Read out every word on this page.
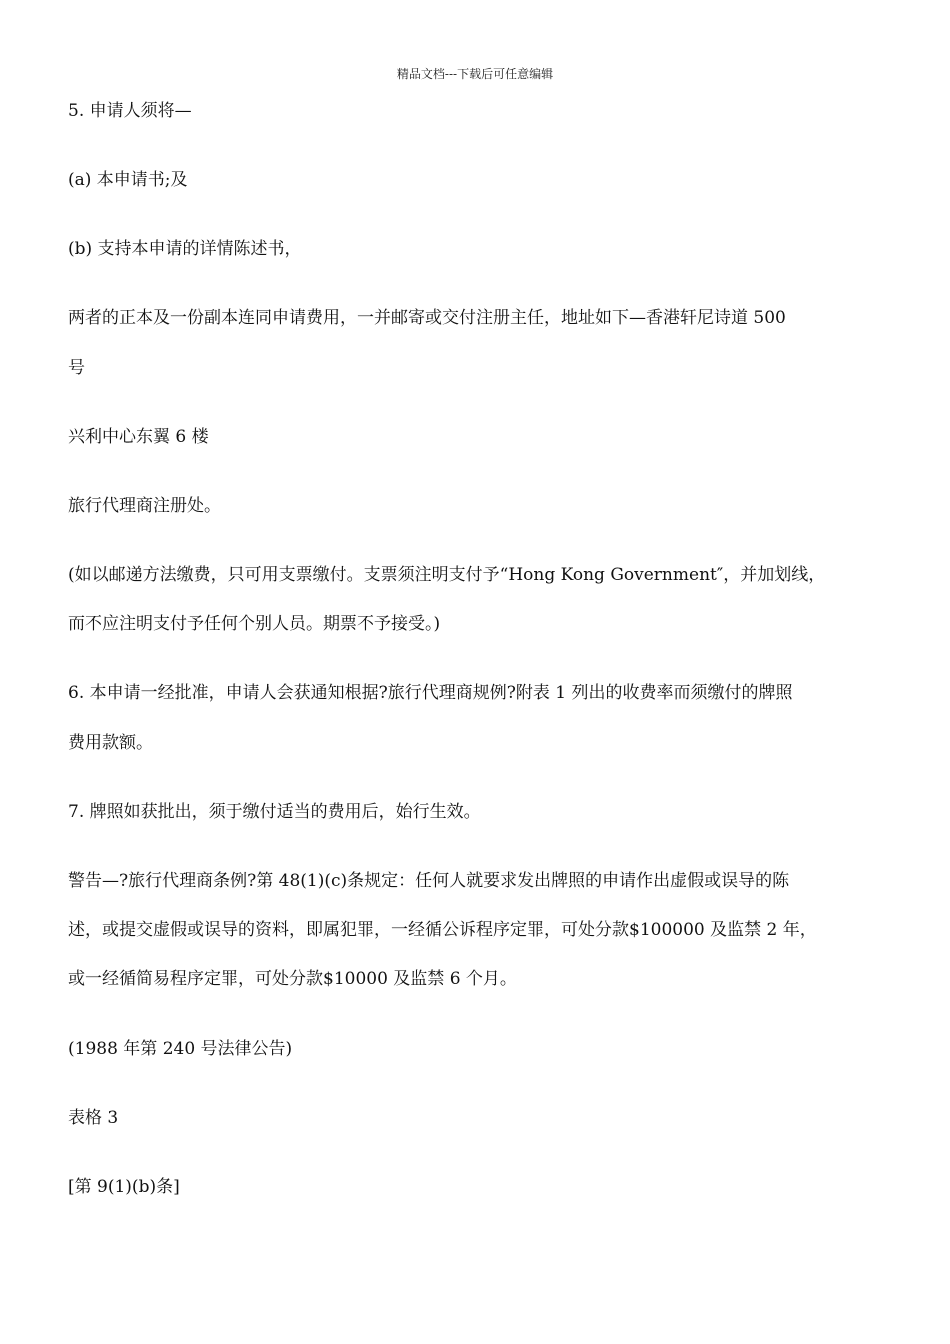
精品文档---下载后可任意编辑
5. 申请人须将—
(a) 本申请书;及
(b) 支持本申请的详情陈述书，
两者的正本及一份副本连同申请费用，一并邮寄或交付注册主任，地址如下—香港轩尼诗道 500
号
兴利中心东翼 6 楼
旅行代理商注册处。
(如以邮递方法缴费，只可用支票缴付。支票须注明支付予“Hong Kong Government″，并加划线，
而不应注明支付予任何个别人员。期票不予接受。)
6. 本申请一经批准，申请人会获通知根据?旅行代理商规例?附表 1 列出的收费率而须缴付的牌照
费用款额。
7. 牌照如获批出，须于缴付适当的费用后，始行生效。
警告—?旅行代理商条例?第 48(1)(c)条规定：任何人就要求发出牌照的申请作出虚假或误导的陈
述，或提交虚假或误导的资料，即属犯罪，一经循公诉程序定罪，可处分款$100000 及监禁 2 年，
或一经循简易程序定罪，可处分款$10000 及监禁 6 个月。
(1988 年第 240 号法律公告)
表格 3
[第 9(1)(b)条]
